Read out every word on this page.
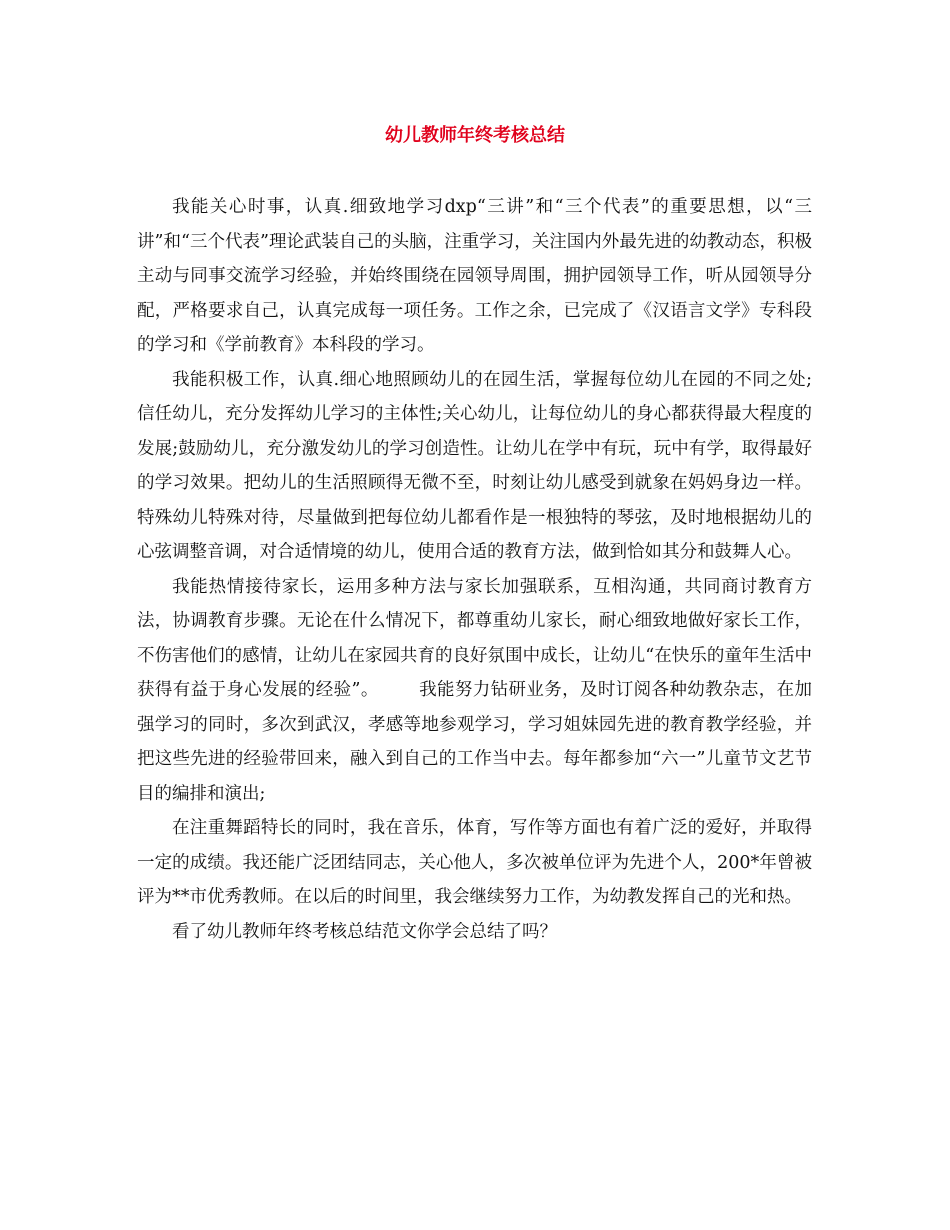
幼儿教师年终考核总结

我能关心时事，认真.细致地学习dxp“三讲”和“三个代表”的重要思想，以“三讲”和“三个代表”理论武装自己的头脑，注重学习，关注国内外最先进的幼教动态，积极主动与同事交流学习经验，并始终围绕在园领导周围，拥护园领导工作，听从园领导分配，严格要求自己，认真完成每一项任务。工作之余，已完成了《汉语言文学》专科段的学习和《学前教育》本科段的学习。

我能积极工作，认真.细心地照顾幼儿的在园生活，掌握每位幼儿在园的不同之处;信任幼儿，充分发挥幼儿学习的主体性;关心幼儿，让每位幼儿的身心都获得最大程度的发展;鼓励幼儿，充分激发幼儿的学习创造性。让幼儿在学中有玩，玩中有学，取得最好的学习效果。把幼儿的生活照顾得无微不至，时刻让幼儿感受到就象在妈妈身边一样。特殊幼儿特殊对待，尽量做到把每位幼儿都看作是一根独特的琴弦，及时地根据幼儿的心弦调整音调，对合适情境的幼儿，使用合适的教育方法，做到恰如其分和鼓舞人心。

我能热情接待家长，运用多种方法与家长加强联系，互相沟通，共同商讨教育方法，协调教育步骤。无论在什么情况下，都尊重幼儿家长，耐心细致地做好家长工作，不伤害他们的感情，让幼儿在家园共育的良好氛围中成长，让幼儿“在快乐的童年生活中获得有益于身心发展的经验”。 我能努力钻研业务，及时订阅各种幼教杂志，在加强学习的同时，多次到武汉，孝感等地参观学习，学习姐妹园先进的教育教学经验，并把这些先进的经验带回来，融入到自己的工作当中去。每年都参加“六一”儿童节文艺节目的编排和演出;

在注重舞蹈特长的同时，我在音乐，体育，写作等方面也有着广泛的爱好，并取得一定的成绩。我还能广泛团结同志，关心他人，多次被单位评为先进个人，200*年曾被评为**市优秀教师。在以后的时间里，我会继续努力工作，为幼教发挥自己的光和热。

看了幼儿教师年终考核总结范文你学会总结了吗？
